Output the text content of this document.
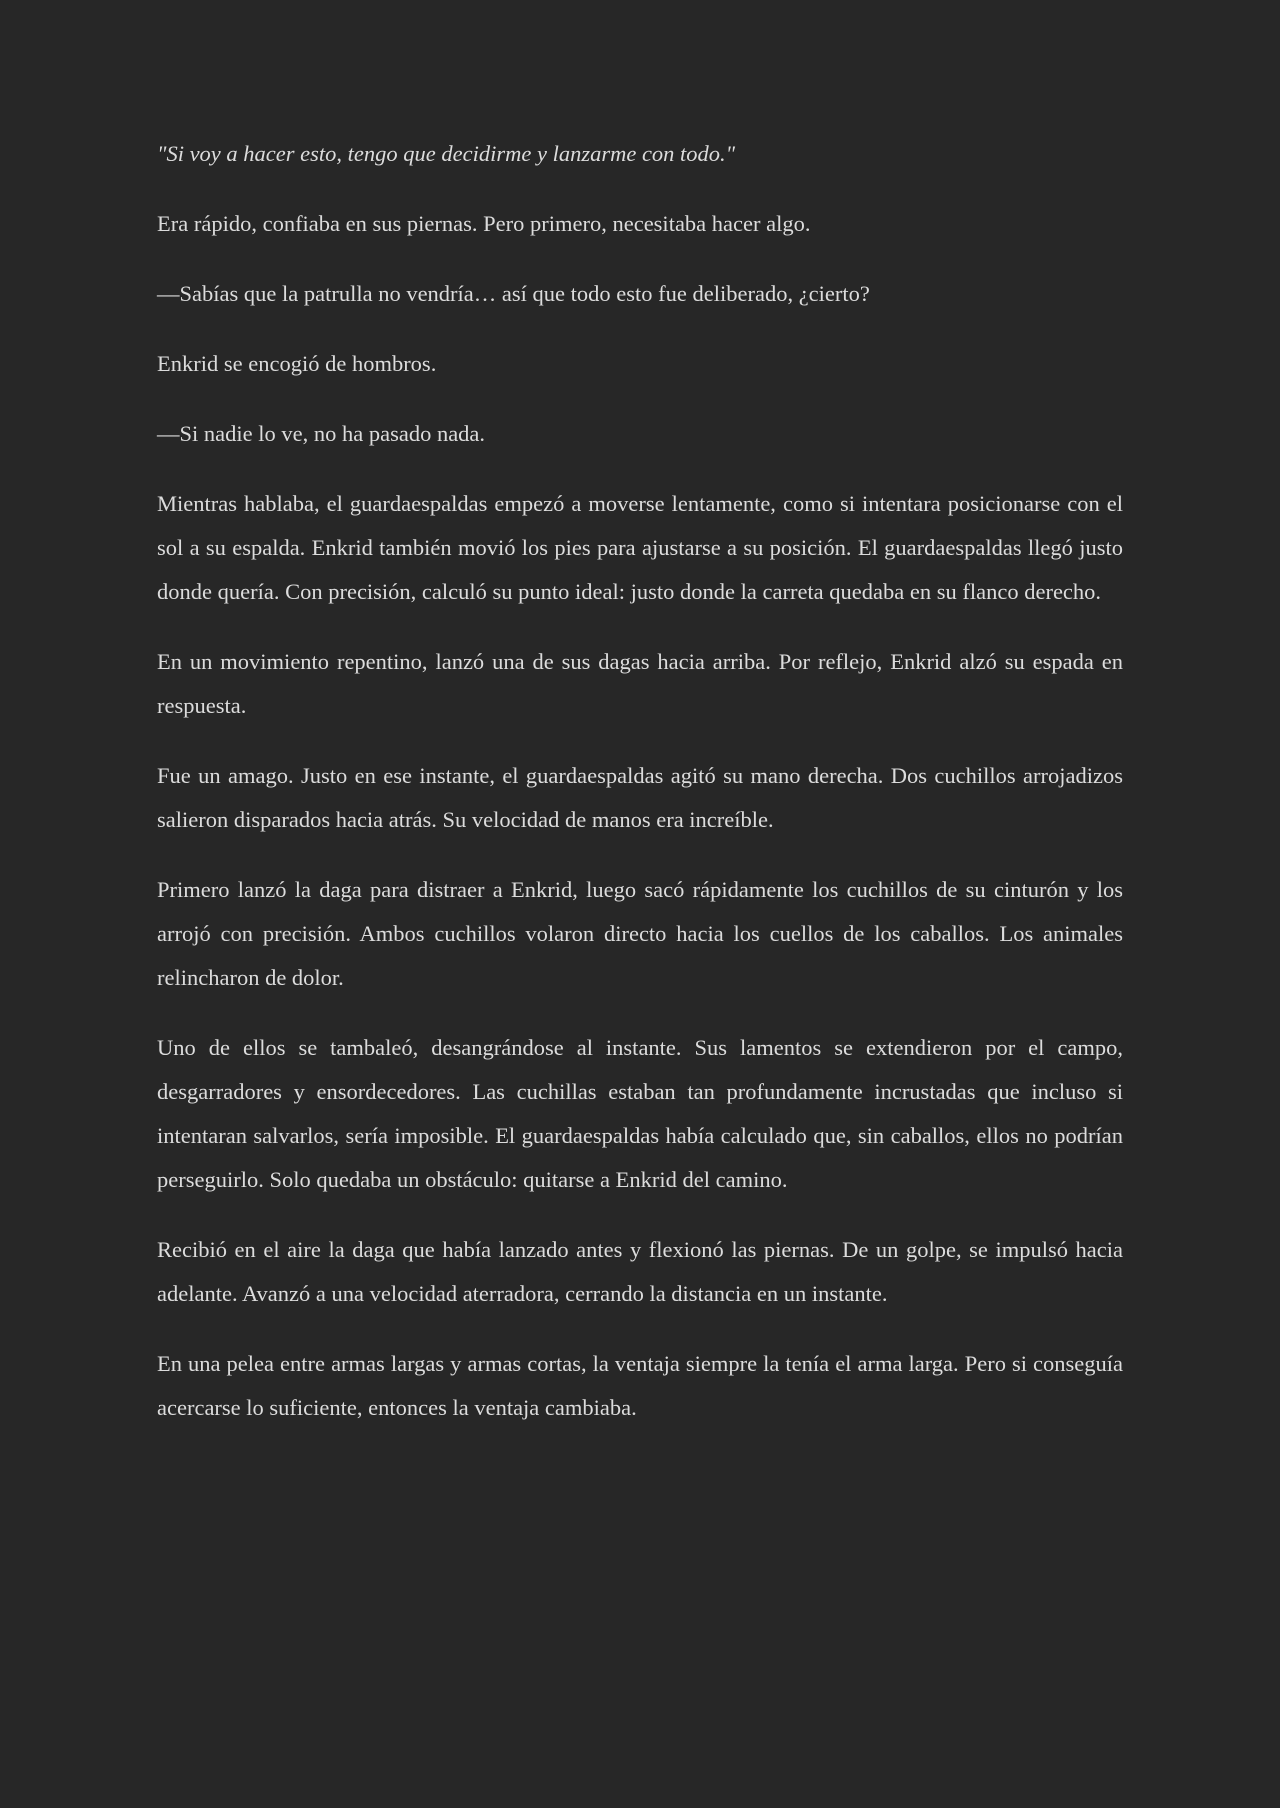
"Si voy a hacer esto, tengo que decidirme y lanzarme con todo."

Era rápido, confiaba en sus piernas. Pero primero, necesitaba hacer algo.

—Sabías que la patrulla no vendría… así que todo esto fue deliberado, ¿cierto?

Enkrid se encogió de hombros.

—Si nadie lo ve, no ha pasado nada.

Mientras hablaba, el guardaespaldas empezó a moverse lentamente, como si intentara posicionarse con el sol a su espalda. Enkrid también movió los pies para ajustarse a su posición. El guardaespaldas llegó justo donde quería. Con precisión, calculó su punto ideal: justo donde la carreta quedaba en su flanco derecho.

En un movimiento repentino, lanzó una de sus dagas hacia arriba. Por reflejo, Enkrid alzó su espada en respuesta.

Fue un amago. Justo en ese instante, el guardaespaldas agitó su mano derecha. Dos cuchillos arrojadizos salieron disparados hacia atrás. Su velocidad de manos era increíble.

Primero lanzó la daga para distraer a Enkrid, luego sacó rápidamente los cuchillos de su cinturón y los arrojó con precisión. Ambos cuchillos volaron directo hacia los cuellos de los caballos. Los animales relincharon de dolor.

Uno de ellos se tambaleó, desangrándose al instante. Sus lamentos se extendieron por el campo, desgarradores y ensordecedores. Las cuchillas estaban tan profundamente incrustadas que incluso si intentaran salvarlos, sería imposible. El guardaespaldas había calculado que, sin caballos, ellos no podrían perseguirlo. Solo quedaba un obstáculo: quitarse a Enkrid del camino.

Recibió en el aire la daga que había lanzado antes y flexionó las piernas. De un golpe, se impulsó hacia adelante. Avanzó a una velocidad aterradora, cerrando la distancia en un instante.

En una pelea entre armas largas y armas cortas, la ventaja siempre la tenía el arma larga. Pero si conseguía acercarse lo suficiente, entonces la ventaja cambiaba.
